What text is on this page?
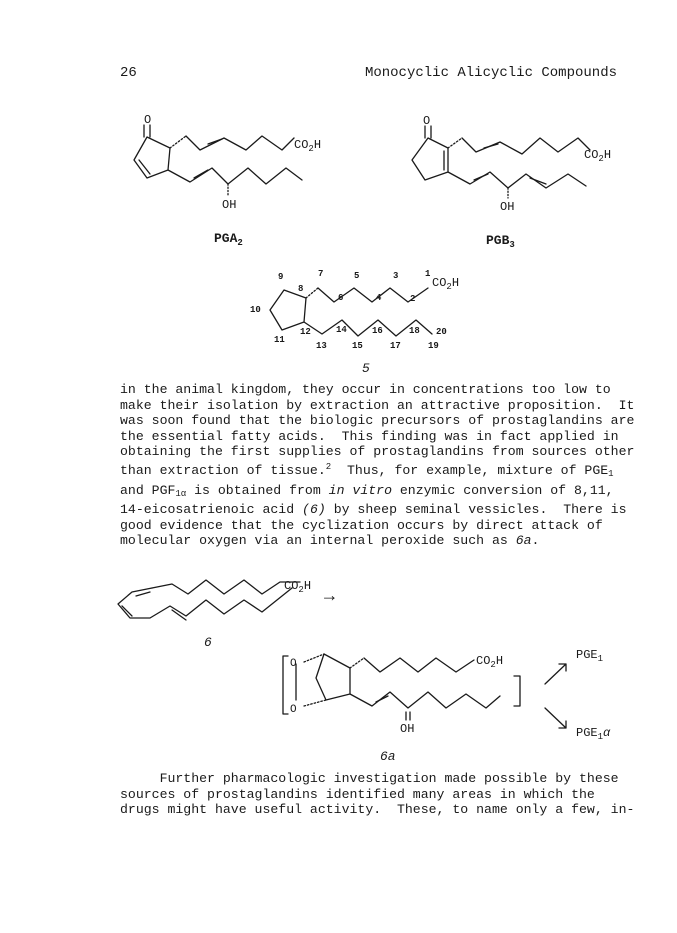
26	Monocyclic Alicyclic Compounds
O
$CO_2H$
OH
$PGA_2$
O
$CO_2H$
OH
$PGB_3$
9
8
7
6
5
4
3
2
1
10
11
12
13
14
15
16
17
18
19
20
$CO_2H$
5
$CO_2H$
→
6
O
O
$CO_2H$
OH
$PGE_1$
$PGE_1\alpha$
6a

in the animal kingdom, they occur in concentrations too low to
make their isolation by extraction an attractive proposition.  It
was soon found that the biologic precursors of prostaglandins are
the essential fatty acids.  This finding was in fact applied in
obtaining the first supplies of prostaglandins from sources other
than extraction of tissue.$^2$  Thus, for example, mixture of $PGE_1$
and $PGF_{1\alpha}$ is obtained from in vitro enzymic conversion of 8,11,
14-eicosatrienoic acid (6) by sheep seminal vessicles.  There is
good evidence that the cyclization occurs by direct attack of
molecular oxygen via an internal peroxide such as 6a.

Further pharmacologic investigation made possible by these
sources of prostaglandins identified many areas in which the
drugs might have useful activity.  These, to name only a few, in-
